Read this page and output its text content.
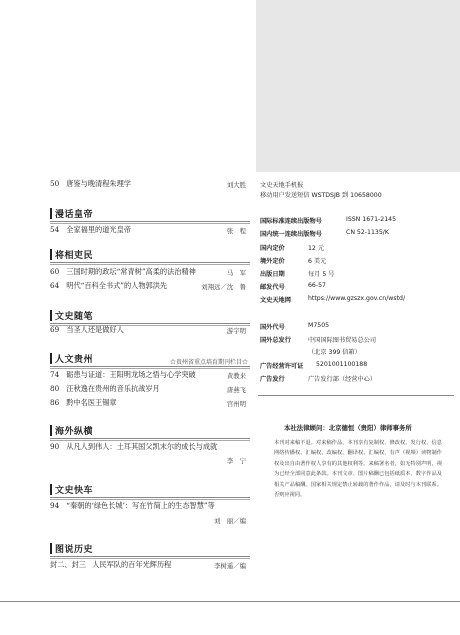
50 唐鉴与晚清程朱理学	刘大胜
漫话皇帝
54 全家福里的道光皇帝	张　程
将相吏民
60 三国时期的政坛“常青树”高柔的法治精神	马　军
64 明代“百科全书式”的人物郭洪先	刘翔远／沈　鲁
文史随笔
69 当圣人还是做好人	游宇明
人文贵州	☆贵州省重点培育期刊栏目☆
74 砺患与证道：王阳明龙场之悟与心学突破	黄教来
80 汪秋逸在贵州的音乐抗战岁月	唐燕飞
86 黔中名医王锡章	官州明
海外纵横
90 从凡人到伟人：土耳其国父凯末尔的成长与成就
李　宁
文史快车
94 “秦朝的‘绿色长城’：写在竹简上的生态智慧”等
刘　丽／编
图说历史
封二、封三 人民军队的百年光辉历程	李树遥／编
文史天地手机报
移动用户发送短信 WSTDSJB 到 10658000
国际标准连续出版物号	ISSN 1671-2145
国内统一连续出版物号	CN 52-1135/K
国内定价	12 元
境外定价	6 美元
出版日期	每月 5 号
邮发代号	66-57
文史天地网	https://www.gzszx.gov.cn/wstd/
国外代号	M7505
国外总发行	中国国际图书贸易总公司
（北京 399 信箱）
广告经营许可证 5201001100188
广告发行	广告发行部（经营中心）
本社法律顾问：北京德恒（贵阳）律师事务所
本刊对来稿不退。对来稿作品，本刊享有复制权、修改权、发行权、信息网络传播权、汇编权、改编权、翻译权、汇编权，有声（视频）读物制作权及出自由著作权人享有的其他权利等。来稿署名者，如无特别声明，视为已经全部同意此条款。本刊文章、图片稿酬已包括纸质本、数字作品及相关产品稿酬。国家相关规定禁止转载的著作作品，请及时与本刊联系。否则应视同。
